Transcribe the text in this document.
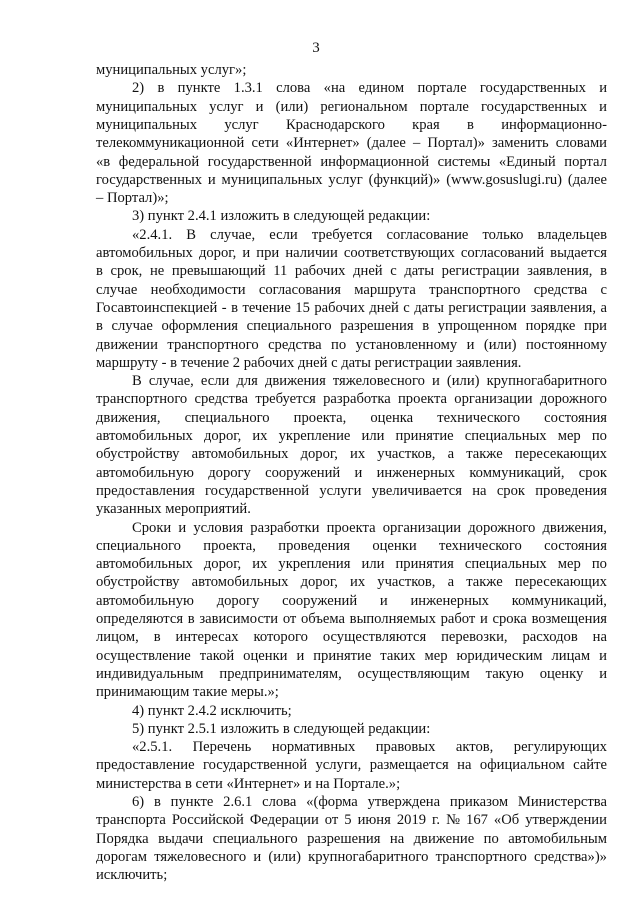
3
муниципальных услуг»;
2) в пункте 1.3.1 слова «на едином портале государственных и
муниципальных услуг и (или) региональном портале государственных и
муниципальных услуг Краснодарского края в информационно-
телекоммуникационной сети «Интернет» (далее – Портал)» заменить словами
«в федеральной государственной информационной системы «Единый портал
государственных и муниципальных услуг (функций)» (www.gosuslugi.ru) (далее
– Портал)»;
3) пункт 2.4.1 изложить в следующей редакции:
«2.4.1. В случае, если требуется согласование только владельцев
автомобильных дорог, и при наличии соответствующих согласований выдается
в срок, не превышающий 11 рабочих дней с даты регистрации заявления, в
случае необходимости согласования маршрута транспортного средства с
Госавтоинспекцией - в течение 15 рабочих дней с даты регистрации заявления, а
в случае оформления специального разрешения в упрощенном порядке при
движении транспортного средства по установленному и (или) постоянному
маршруту - в течение 2 рабочих дней с даты регистрации заявления.
В случае, если для движения тяжеловесного и (или) крупногабаритного
транспортного средства требуется разработка проекта организации дорожного
движения, специального проекта, оценка технического состояния
автомобильных дорог, их укрепление или принятие специальных мер по
обустройству автомобильных дорог, их участков, а также пересекающих
автомобильную дорогу сооружений и инженерных коммуникаций, срок
предоставления государственной услуги увеличивается на срок проведения
указанных мероприятий.
Сроки и условия разработки проекта организации дорожного движения,
специального проекта, проведения оценки технического состояния
автомобильных дорог, их укрепления или принятия специальных мер по
обустройству автомобильных дорог, их участков, а также пересекающих
автомобильную дорогу сооружений и инженерных коммуникаций,
определяются в зависимости от объема выполняемых работ и срока возмещения
лицом, в интересах которого осуществляются перевозки, расходов на
осуществление такой оценки и принятие таких мер юридическим лицам и
индивидуальным предпринимателям, осуществляющим такую оценку и
принимающим такие меры.»;
4) пункт 2.4.2 исключить;
5) пункт 2.5.1 изложить в следующей редакции:
«2.5.1. Перечень нормативных правовых актов, регулирующих
предоставление государственной услуги, размещается на официальном сайте
министерства в сети «Интернет» и на Портале.»;
6) в пункте 2.6.1 слова «(форма утверждена приказом Министерства
транспорта Российской Федерации от 5 июня 2019 г. № 167 «Об утверждении
Порядка выдачи специального разрешения на движение по автомобильным
дорогам тяжеловесного и (или) крупногабаритного транспортного средства»)»
исключить;
